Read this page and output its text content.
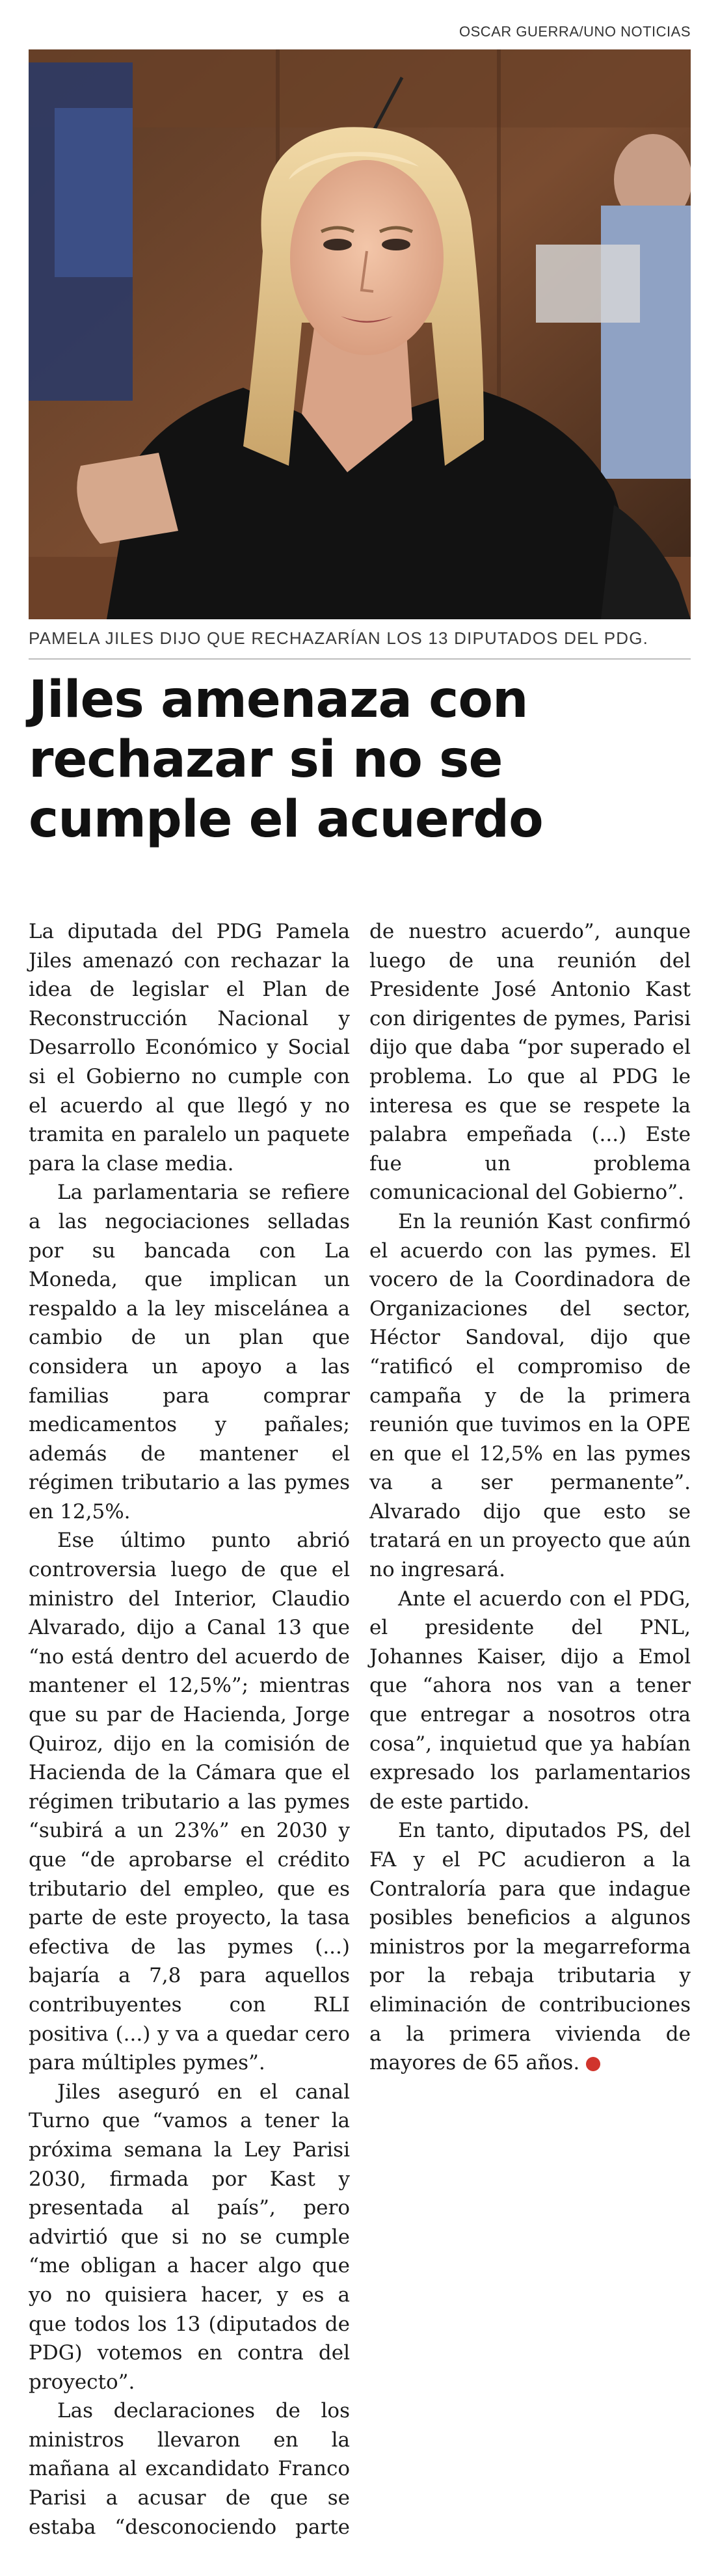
OSCAR GUERRA/UNO NOTICIAS
PAMELA JILES DIJO QUE RECHAZARÍAN LOS 13 DIPUTADOS DEL PDG.
Jiles amenaza con rechazar si no se cumple el acuerdo

La diputada del PDG Pamela Jiles amenazó con rechazar la idea de legislar el Plan de Reconstrucción Nacional y Desarrollo Económico y Social si el Gobierno no cumple con el acuerdo al que llegó y no tramita en paralelo un paquete para la clase media.

La parlamentaria se refiere a las negociaciones selladas por su bancada con La Moneda, que implican un respaldo a la ley miscelánea a cambio de un plan que considera un apoyo a las familias para comprar medicamentos y pañales; además de mantener el régimen tributario a las pymes en 12,5%.

Ese último punto abrió controversia luego de que el ministro del Interior, Claudio Alvarado, dijo a Canal 13 que “no está dentro del acuerdo de mantener el 12,5%”; mientras que su par de Hacienda, Jorge Quiroz, dijo en la comisión de Hacienda de la Cámara que el régimen tributario a las pymes “subirá a un 23%” en 2030 y que “de aprobarse el crédito tributario del empleo, que es parte de este proyecto, la tasa efectiva de las pymes (...) bajaría a 7,8 para aquellos contribuyentes con RLI positiva (...) y va a quedar cero para múltiples pymes”.

Jiles aseguró en el canal Turno que “vamos a tener la próxima semana la Ley Parisi 2030, firmada por Kast y presentada al país”, pero advirtió que si no se cumple “me obligan a hacer algo que yo no quisiera hacer, y es a que todos los 13 (diputados de PDG) votemos en contra del proyecto”.

Las declaraciones de los ministros llevaron en la mañana al excandidato Franco Parisi a acusar de que se estaba “desconociendo parte de nuestro acuerdo”, aunque luego de una reunión del Presidente José Antonio Kast con dirigentes de pymes, Parisi dijo que daba “por superado el problema. Lo que al PDG le interesa es que se respete la palabra empeñada (...) Este fue un problema comunicacional del Gobierno”.

En la reunión Kast confirmó el acuerdo con las pymes. El vocero de la Coordinadora de Organizaciones del sector, Héctor Sandoval, dijo que “ratificó el compromiso de campaña y de la primera reunión que tuvimos en la OPE en que el 12,5% en las pymes va a ser permanente”. Alvarado dijo que esto se tratará en un proyecto que aún no ingresará.

Ante el acuerdo con el PDG, el presidente del PNL, Johannes Kaiser, dijo a Emol que “ahora nos van a tener que entregar a nosotros otra cosa”, inquietud que ya habían expresado los parlamentarios de este partido.

En tanto, diputados PS, del FA y el PC acudieron a la Contraloría para que indague posibles beneficios a algunos ministros por la megarreforma por la rebaja tributaria y eliminación de contribuciones a la primera vivienda de mayores de 65 años.	✪
